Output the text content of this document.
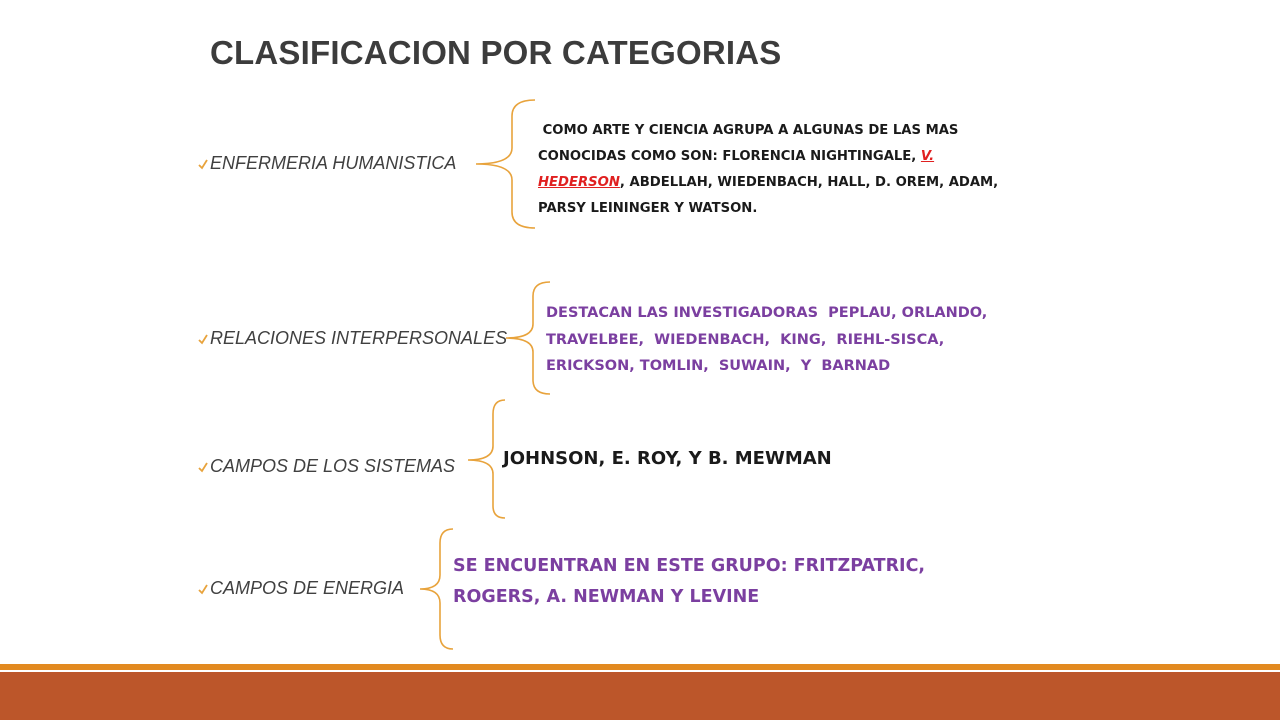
CLASIFICACION POR CATEGORIAS
ENFERMERIA HUMANISTICA
COMO ARTE Y CIENCIA AGRUPA A ALGUNAS DE LAS MAS
CONOCIDAS COMO SON: FLORENCIA NIGHTINGALE, V.
HEDERSON, ABDELLAH, WIEDENBACH, HALL, D. OREM, ADAM,
PARSY LEININGER Y WATSON.
RELACIONES INTERPERSONALES
DESTACAN LAS INVESTIGADORAS  PEPLAU, ORLANDO,
TRAVELBEE,  WIEDENBACH,  KING,  RIEHL-SISCA,
ERICKSON, TOMLIN,  SUWAIN,  Y  BARNAD
CAMPOS DE LOS SISTEMAS	JOHNSON, E. ROY, Y B. MEWMAN
CAMPOS DE ENERGIA
SE ENCUENTRAN EN ESTE GRUPO: FRITZPATRIC,
ROGERS, A. NEWMAN Y LEVINE
